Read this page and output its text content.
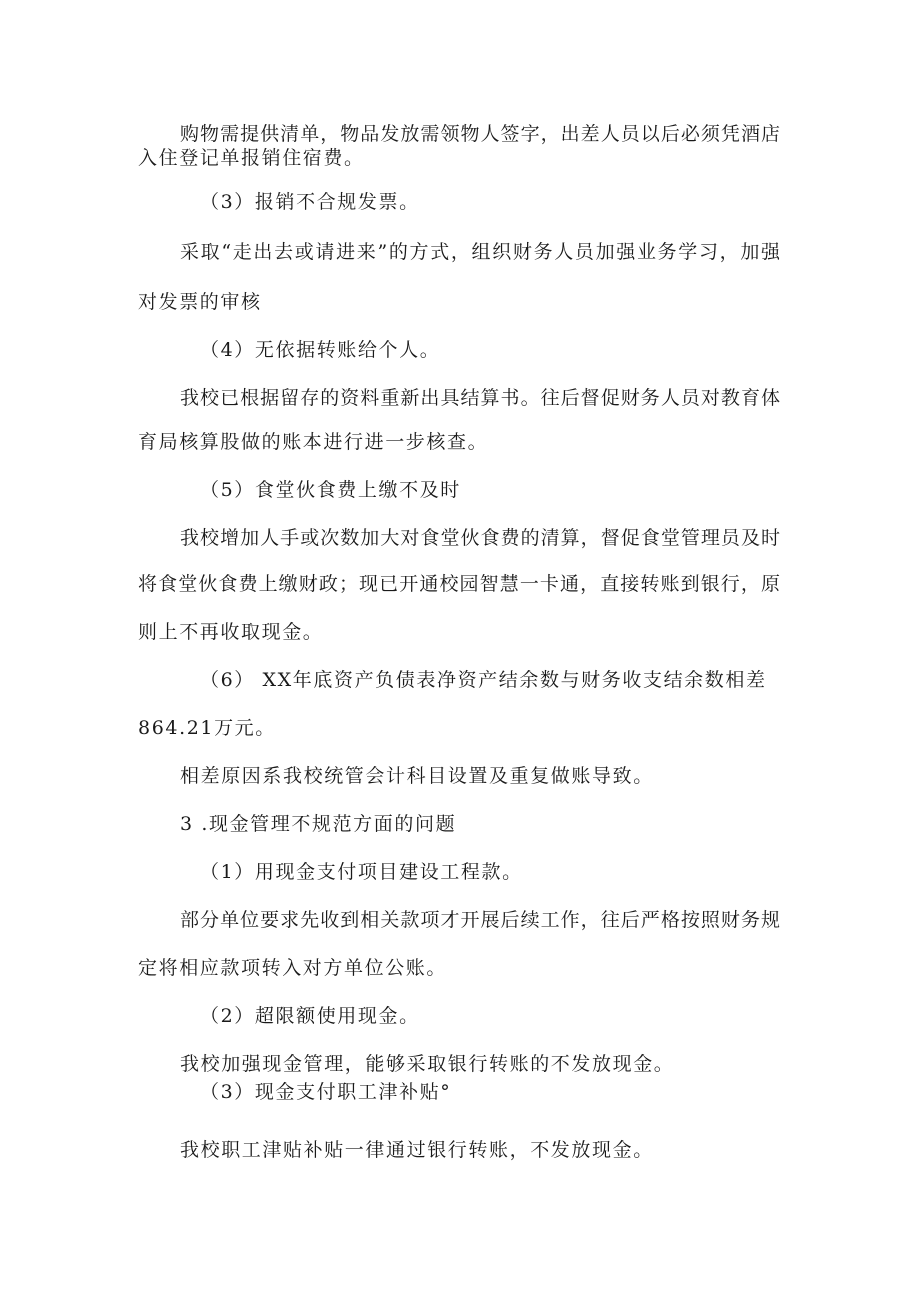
购物需提供清单，物品发放需领物人签字，出差人员以后必须凭酒店
入住登记单报销住宿费。
（3）报销不合规发票。
采取“走出去或请进来”的方式，组织财务人员加强业务学习，加强
对发票的审核
（4）无依据转账给个人。
我校已根据留存的资料重新出具结算书。往后督促财务人员对教育体
育局核算股做的账本进行进一步核查。
（5）食堂伙食费上缴不及时
我校增加人手或次数加大对食堂伙食费的清算，督促食堂管理员及时
将食堂伙食费上缴财政；现已开通校园智慧一卡通，直接转账到银行，原
则上不再收取现金。
（6） XX年底资产负债表净资产结余数与财务收支结余数相差
864.21万元。
相差原因系我校统管会计科目设置及重复做账导致。
3 .现金管理不规范方面的问题
（1）用现金支付项目建设工程款。
部分单位要求先收到相关款项才开展后续工作，往后严格按照财务规
定将相应款项转入对方单位公账。
（2）超限额使用现金。
我校加强现金管理，能够采取银行转账的不发放现金。
（3）现金支付职工津补贴°
我校职工津贴补贴一律通过银行转账，不发放现金。
